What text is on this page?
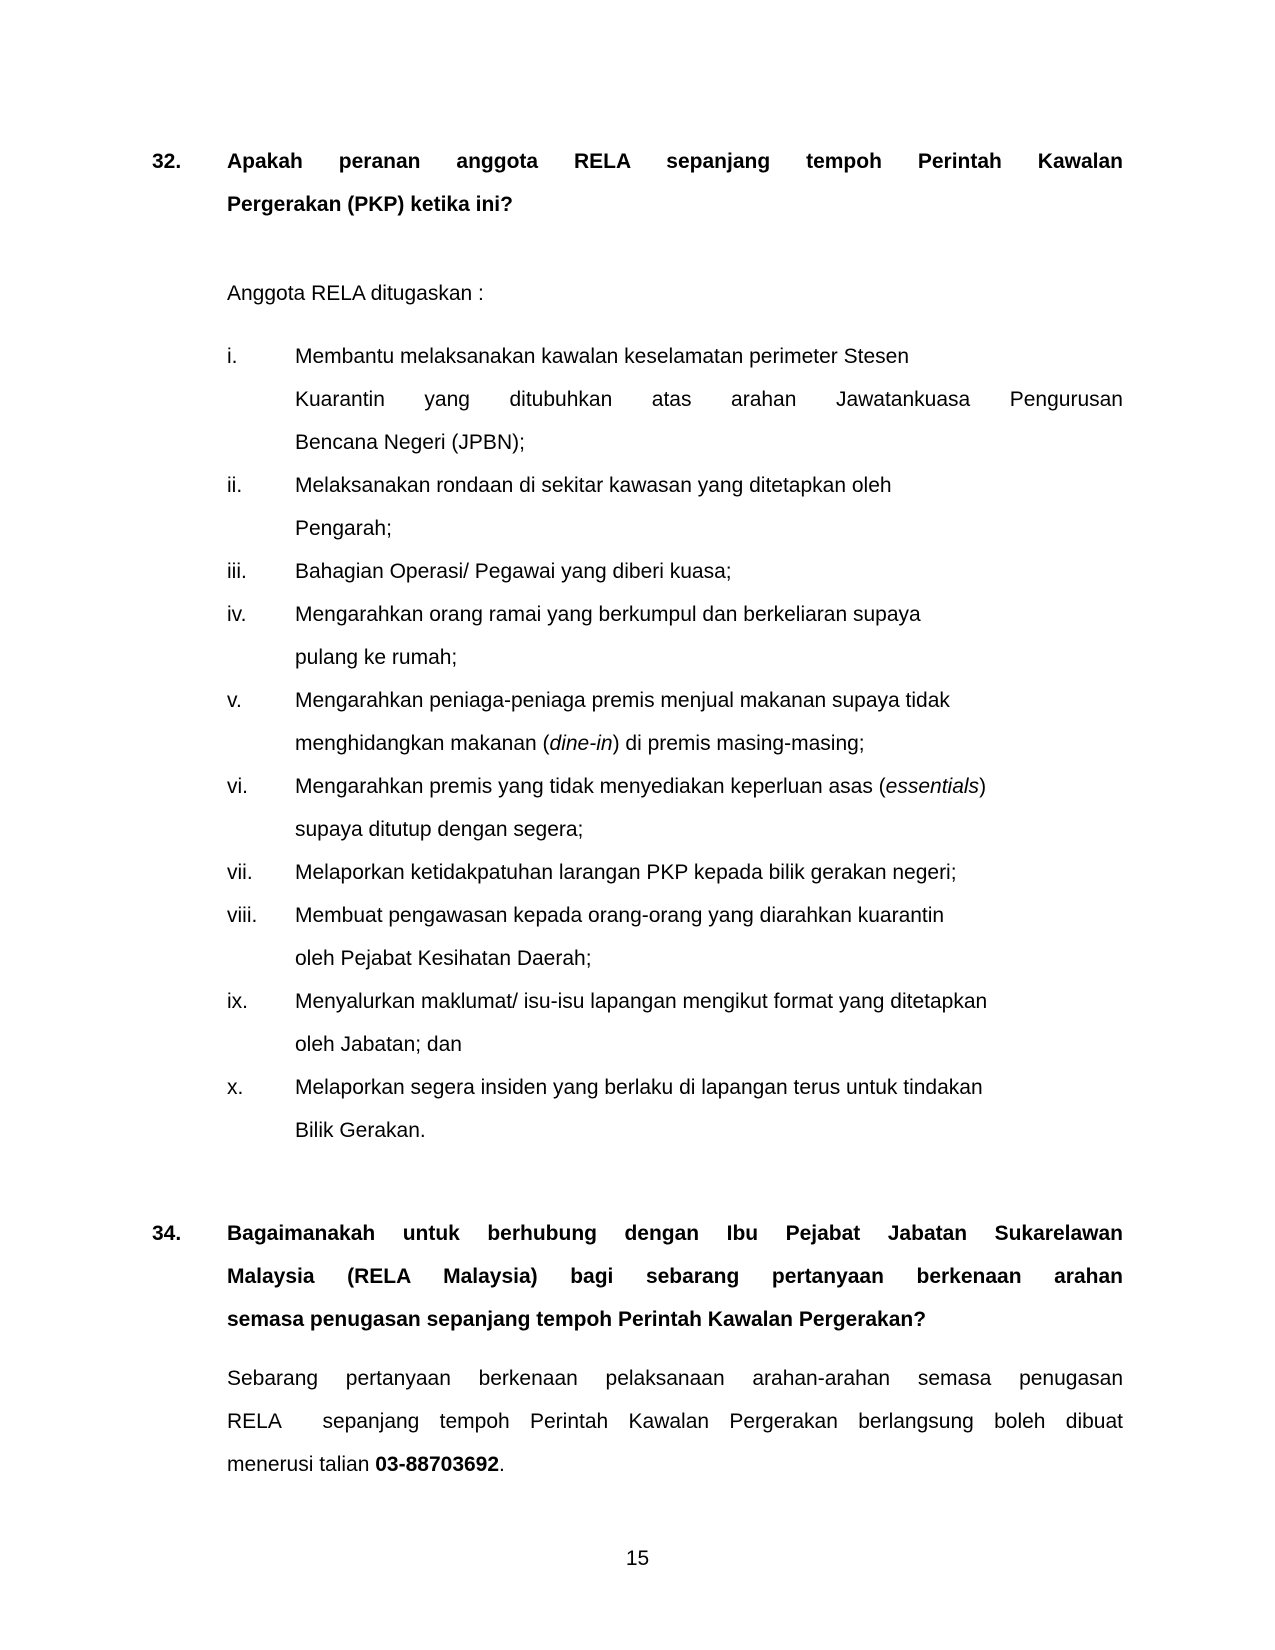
32.	Apakah peranan anggota RELA sepanjang tempoh Perintah Kawalan
Pergerakan (PKP) ketika ini?
Anggota RELA ditugaskan :
i.	Membantu melaksanakan kawalan keselamatan perimeter Stesen
Kuarantin yang ditubuhkan atas arahan Jawatankuasa Pengurusan
Bencana Negeri (JPBN);
ii.	Melaksanakan rondaan di sekitar kawasan yang ditetapkan oleh
Pengarah;
iii.	Bahagian Operasi/ Pegawai yang diberi kuasa;
iv.	Mengarahkan orang ramai yang berkumpul dan berkeliaran supaya
pulang ke rumah;
v.	Mengarahkan peniaga-peniaga premis menjual makanan supaya tidak
menghidangkan makanan (dine-in) di premis masing-masing;
vi.	Mengarahkan premis yang tidak menyediakan keperluan asas (essentials)
supaya ditutup dengan segera;
vii.	Melaporkan ketidakpatuhan larangan PKP kepada bilik gerakan negeri;
viii.	Membuat pengawasan kepada orang-orang yang diarahkan kuarantin
oleh Pejabat Kesihatan Daerah;
ix.	Menyalurkan maklumat/ isu-isu lapangan mengikut format yang ditetapkan
oleh Jabatan; dan
x.	Melaporkan segera insiden yang berlaku di lapangan terus untuk tindakan
Bilik Gerakan.
34.	Bagaimanakah untuk berhubung dengan Ibu Pejabat Jabatan Sukarelawan
Malaysia (RELA Malaysia) bagi sebarang pertanyaan berkenaan arahan
semasa penugasan sepanjang tempoh Perintah Kawalan Pergerakan?
Sebarang pertanyaan berkenaan pelaksanaan arahan-arahan semasa penugasan
RELA  sepanjang tempoh Perintah Kawalan Pergerakan berlangsung boleh dibuat
menerusi talian 03-88703692.
15
